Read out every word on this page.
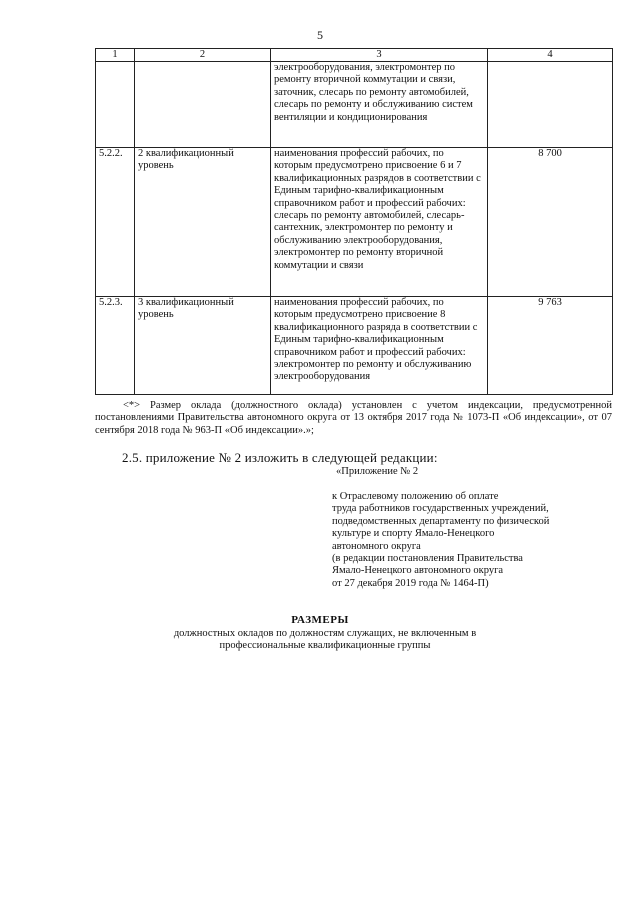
5
1	2	3	4
		электрооборудования, электромонтер по ремонту вторичной коммутации и связи, заточник, слесарь по ремонту автомобилей, слесарь по ремонту и обслуживанию систем вентиляции и кондиционирования	
5.2.2.	2 квалификационный уровень	наименования профессий рабочих, по которым предусмотрено присвоение 6 и 7 квалификационных разрядов в соответствии с Единым тарифно-квалификационным справочником работ и профессий рабочих: слесарь по ремонту автомобилей, слесарь-сантехник, электромонтер по ремонту и обслуживанию электрооборудования, электромонтер по ремонту вторичной коммутации и связи	8 700
5.2.3.	3 квалификационный уровень	наименования профессий рабочих, по которым предусмотрено присвоение 8 квалификационного разряда в соответствии с Единым тарифно-квалификационным справочником работ и профессий рабочих: электромонтер по ремонту и обслуживанию электрооборудования	9 763
<*> Размер оклада (должностного оклада) установлен с учетом индексации, предусмотренной постановлениями Правительства автономного округа от 13 октября 2017 года № 1073-П «Об индексации», от 07 сентября 2018 года № 963-П «Об индексации».»;
2.5. приложение № 2 изложить в следующей редакции:
«Приложение № 2
к Отраслевому положению об оплате
труда работников государственных учреждений,
подведомственных департаменту по физической
культуре и спорту Ямало-Ненецкого
автономного округа
(в редакции постановления Правительства
Ямало-Ненецкого автономного округа
от 27 декабря 2019 года № 1464-П)
РАЗМЕРЫ
должностных окладов по должностям служащих, не включенным в профессиональные квалификационные группы
